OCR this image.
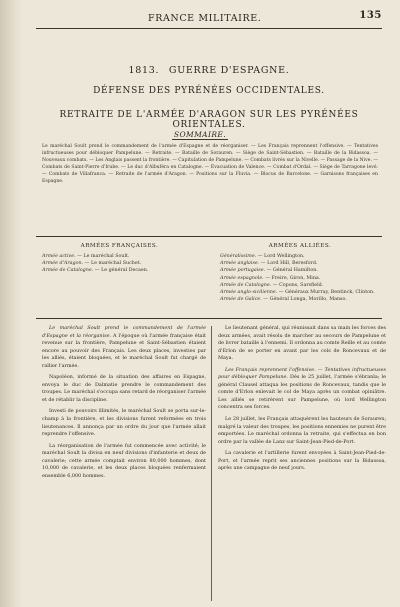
FRANCE MILITAIRE.	135
1813. GUERRE D'ESPAGNE.
DÉFENSE DES PYRÉNÉES OCCIDENTALES.
RETRAITE DE L'ARMÉE D'ARAGON SUR LES PYRÉNÉES ORIENTALES.
SOMMAIRE.
Le maréchal Soult prend le commandement de l'armée d'Espagne et de réorganiser. — Les Français reprennent l'offensive. — Tentatives infructueuses pour débloquer Pampelune. — Retraite. — Bataille de Sorauren. — Siège de Saint-Sébastien. — Bataille de la Bidassoa. — Nouveaux combats. — Les Anglais passent la frontière. — Capitulation de Pampelune. — Combats livrés sur la Nivelle. — Passage de la Nive. — Combats de Saint-Pierre d'Irube. — Le duc d'Albuféra en Catalogne. — Évacuation de Valence. — Combat d'Ordal. — Siège de Tarragone levé. — Combats de Villafranca. — Retraite de l'armée d'Aragon. — Positions sur la Fluvia. — Blocus de Barcelone. — Garnisons françaises en Espagne.
ARMÉES FRANÇAISES.	ARMÉES ALLIÉES.
Armée active. — Le maréchal Soult.
Armée d'Aragon. — Le maréchal Suchet.
Armée de Catalogne. — Le général Decaen.
Généralissime. — Lord Wellington.
Armée anglaise. — Lord Hill, Beresford.
Armée portugaise. — Général Hamilton.
Armée espagnole. — Freire, Giron, Mina.
Armée de Catalogne. — Copons, Sarsfield.
Armée anglo-sicilienne. — Généraux Murray, Bentinck, Clinton.
Armée de Galice. — Général Longa, Morillo, Manso.

Le maréchal Soult prend le commandement de l'armée d'Espagne et la réorganise. A l'époque où l'armée française était revenue sur la frontière, Pampelune et Saint-Sébastien étaient encore au pouvoir des Français. Les deux places, investies par les alliés, étaient bloquées, et le maréchal Soult fut chargé de rallier l'armée.

Napoléon, informé de la situation des affaires en Espagne, envoya le duc de Dalmatie prendre le commandement des troupes. Le maréchal s'occupa sans retard de réorganiser l'armée et de rétablir la discipline.

Investi de pouvoirs illimités, le maréchal Soult se porta sur-le-champ à la frontière, et les divisions furent reformées en trois lieutenances. Il annonça par un ordre du jour que l'armée allait reprendre l'offensive.

La réorganisation de l'armée fut commencée avec activité; le maréchal Soult la divisa en neuf divisions d'infanterie et deux de cavalerie; cette armée comptait environ 80,000 hommes, dont 10,000 de cavalerie, et les deux places bloquées renfermaient ensemble 6,000 hommes.

Le lieutenant général, qui réunissait dans sa main les forces des deux armées, avait résolu de marcher au secours de Pampelune et de livrer bataille à l'ennemi. Il ordonna au comte Reille et au comte d'Erlon de se porter en avant par les cols de Roncevaux et de Maya.

Les Français reprennent l'offensive. — Tentatives infructueuses pour débloquer Pampelune. Dès le 25 juillet, l'armée s'ébranla; le général Clausel attaqua les positions de Roncevaux, tandis que le comte d'Erlon enlevait le col de Maya après un combat opiniâtre. Les alliés se retirèrent sur Pampelune, où lord Wellington concentra ses forces.

Le 28 juillet, les Français attaquèrent les hauteurs de Sorauren; malgré la valeur des troupes, les positions ennemies ne purent être emportées. Le maréchal ordonna la retraite, qui s'effectua en bon ordre par la vallée de Lanz sur Saint-Jean-Pied-de-Port.

La cavalerie et l'artillerie furent envoyées à Saint-Jean-Pied-de-Port, et l'armée reprit ses anciennes positions sur la Bidassoa, après une campagne de neuf jours.
